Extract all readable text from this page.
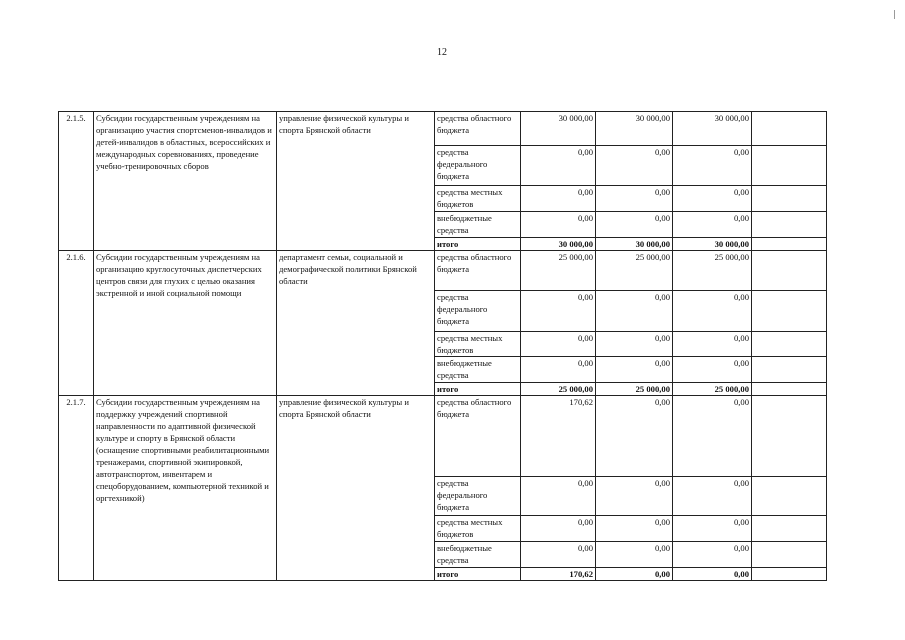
12
2.1.5.	Субсидии государственным учреждениям на организацию участия спортсменов-инвалидов и детей-инвалидов в областных, всероссийских и международных соревнованиях, проведение учебно-тренировочных сборов	управление физической культуры и спорта Брянской области	средства областного бюджета	30 000,00	30 000,00	30 000,00	
			средства федерального бюджета	0,00	0,00	0,00	
			средства местных бюджетов	0,00	0,00	0,00	
			внебюджетные средства	0,00	0,00	0,00	
			итого	30 000,00	30 000,00	30 000,00	
2.1.6.	Субсидии государственным учреждениям на организацию круглосуточных диспетчерских центров связи для глухих с целью оказания экстренной и иной социальной помощи	департамент семьи, социальной и демографической политики Брянской области	средства областного бюджета	25 000,00	25 000,00	25 000,00	
			средства федерального бюджета	0,00	0,00	0,00	
			средства местных бюджетов	0,00	0,00	0,00	
			внебюджетные средства	0,00	0,00	0,00	
			итого	25 000,00	25 000,00	25 000,00	
2.1.7.	Субсидии государственным учреждениям на поддержку учреждений спортивной направленности по адаптивной физической культуре и спорту в Брянской области (оснащение спортивными реабилитационными тренажерами, спортивной экипировкой, автотранспортом, инвентарем и спецоборудованием, компьютерной техникой и оргтехникой)	управление физической культуры и спорта Брянской области	средства областного бюджета	170,62	0,00	0,00	
			средства федерального бюджета	0,00	0,00	0,00	
			средства местных бюджетов	0,00	0,00	0,00	
			внебюджетные средства	0,00	0,00	0,00	
			итого	170,62	0,00	0,00	
